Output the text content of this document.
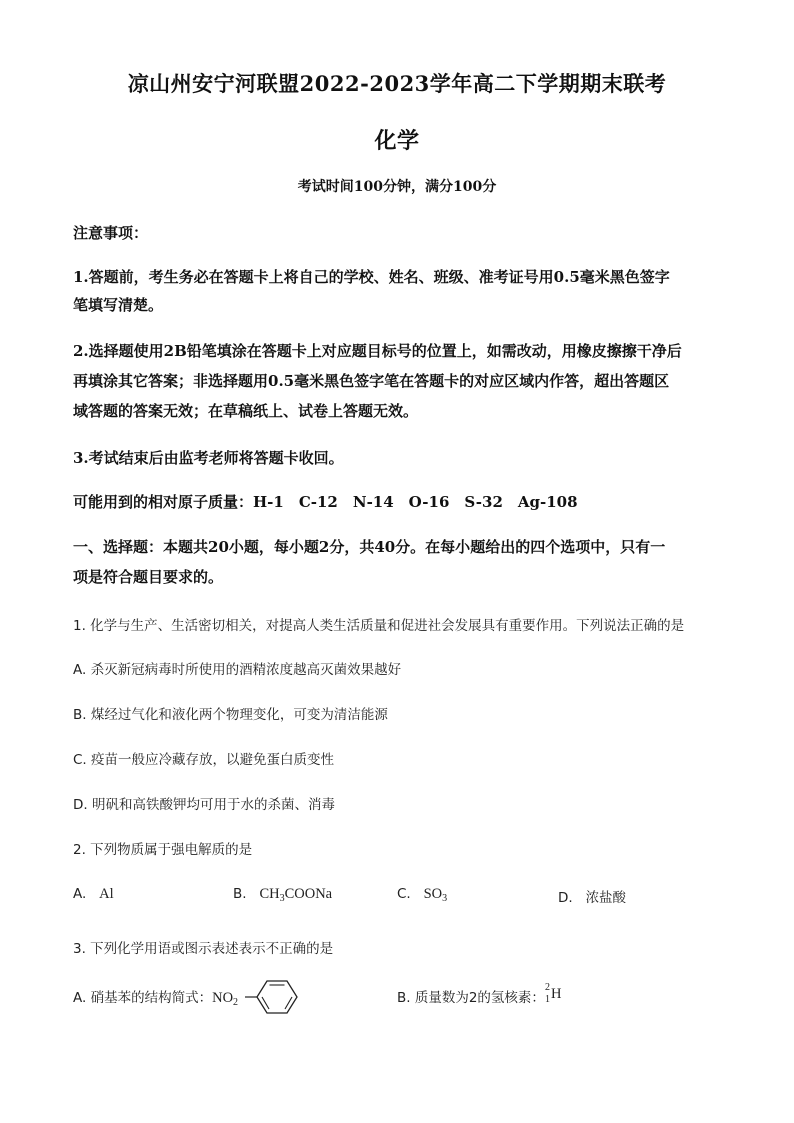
凉山州安宁河联盟2022-2023学年高二下学期期末联考
化学
考试时间100分钟，满分100分
注意事项：
1.答题前，考生务必在答题卡上将自己的学校、姓名、班级、准考证号用0.5毫米黑色签字
笔填写清楚。
2.选择题使用2B铅笔填涂在答题卡上对应题目标号的位置上，如需改动，用橡皮擦擦干净后
再填涂其它答案；非选择题用0.5毫米黑色签字笔在答题卡的对应区域内作答，超出答题区
域答题的答案无效；在草稿纸上、试卷上答题无效。
3.考试结束后由监考老师将答题卡收回。
可能用到的相对原子质量：H-1　C-12　N-14　O-16　S-32　Ag-108
一、选择题：本题共20小题，每小题2分，共40分。在每小题给出的四个选项中，只有一
项是符合题目要求的。
1. 化学与生产、生活密切相关，对提高人类生活质量和促进社会发展具有重要作用。下列说法正确的是
A. 杀灭新冠病毒时所使用的酒精浓度越高灭菌效果越好
B. 煤经过气化和液化两个物理变化，可变为清洁能源
C. 疫苗一般应冷藏存放，以避免蛋白质变性
D. 明矾和高铁酸钾均可用于水的杀菌、消毒
2. 下列物质属于强电解质的是
A. Al	B. $CH_3COONa$	C. $SO_3$	D. 浓盐酸
3. 下列化学用语或图示表述表示不正确的是
A. 硝基苯的结构简式：$NO_2$	B. 质量数为2的氢核素：
2
1 H
